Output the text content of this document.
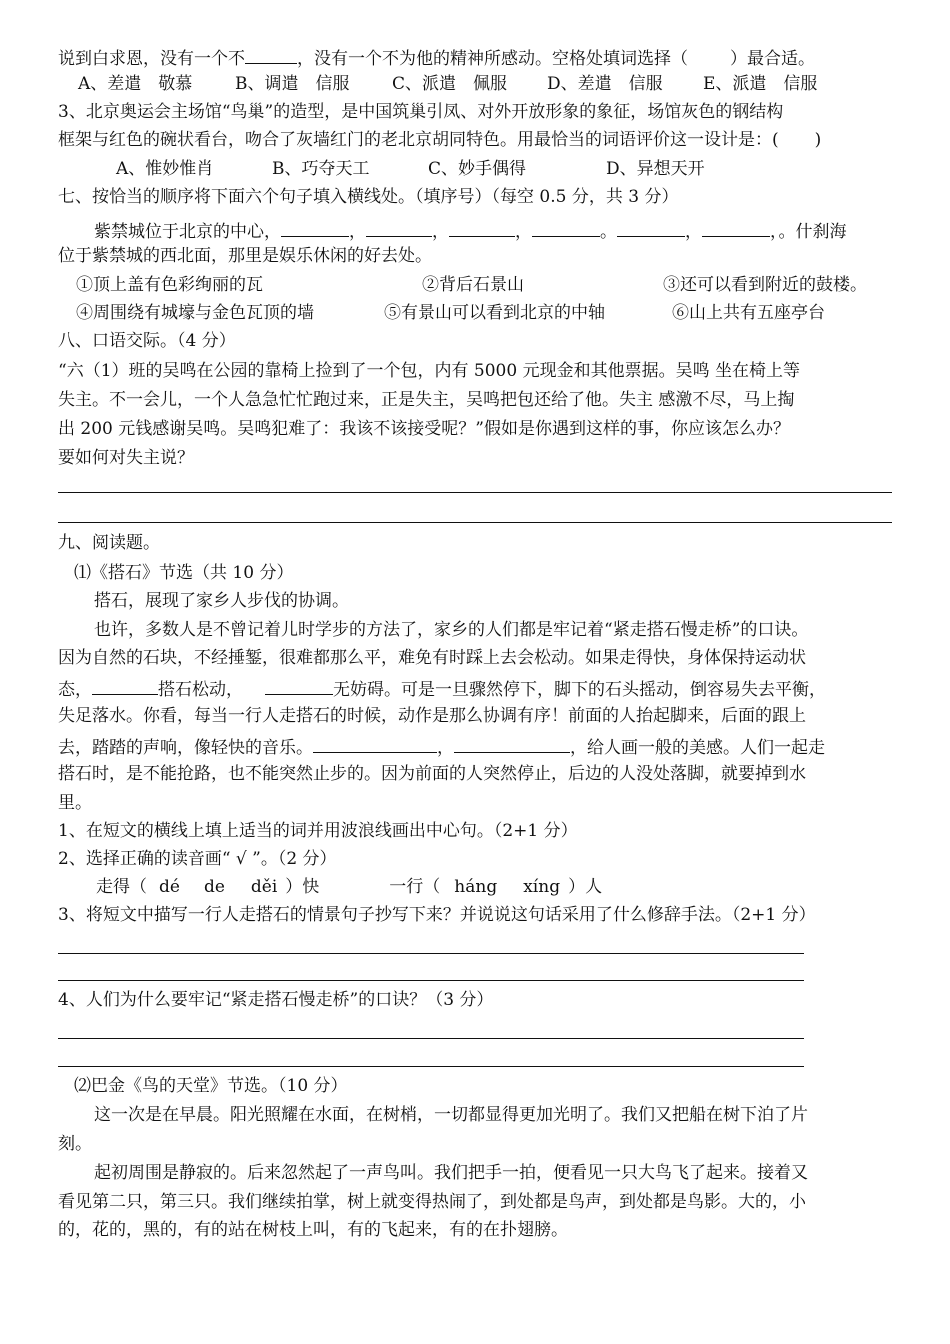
说到白求恩，没有一个不	，没有一个不为他的精神所感动。空格处填词选择（ ）最合适。
A、差遣　敬慕	B、调遣　信服	C、派遣　佩服 D、差遣　信服 E、派遣　信服
3、北京奥运会主场馆“鸟巢”的造型，是中国筑巢引凤、对外开放形象的象征，场馆灰色的钢结构
框架与红色的碗状看台，吻合了灰墙红门的老北京胡同特色。用最恰当的词语评价这一设计是：( )
A、惟妙惟肖	B、巧夺天工	C、妙手偶得	D、异想天开
七、按恰当的顺序将下面六个句子填入横线处。（填序号）（每空 0.5 分，共 3 分）
紫禁城位于北京的中心，	，	，	，	。	，	，。什刹海
位于紫禁城的西北面，那里是娱乐休闲的好去处。
①顶上盖有色彩绚丽的瓦	②背后石景山	③还可以看到附近的鼓楼。
④周围绕有城壕与金色瓦顶的墙	⑤有景山可以看到北京的中轴	⑥山上共有五座亭台
八、口语交际。（4 分）
“六（1）班的吴鸣在公园的靠椅上捡到了一个包，内有 5000 元现金和其他票据。吴鸣 坐在椅上等
失主。不一会儿，一个人急急忙忙跑过来，正是失主，吴鸣把包还给了他。失主 感激不尽，马上掏
出 200 元钱感谢吴鸣。吴鸣犯难了：我该不该接受呢？”假如是你遇到这样的事，你应该怎么办？
要如何对失主说？
九、阅读题。
⑴《搭石》节选（共 10 分）
搭石，展现了家乡人步伐的协调。
也许，多数人是不曾记着儿时学步的方法了，家乡的人们都是牢记着“紧走搭石慢走桥”的口诀。
因为自然的石块，不经捶錾，很难都那么平，难免有时踩上去会松动。如果走得快，身体保持运动状
态，	搭石松动，	无妨碍。可是一旦骤然停下，脚下的石头摇动，倒容易失去平衡，
失足落水。你看，每当一行人走搭石的时候，动作是那么协调有序！前面的人抬起脚来，后面的跟上
去，踏踏的声响，像轻快的音乐。	，	，给人画一般的美感。人们一起走
搭石时，是不能抢路，也不能突然止步的。因为前面的人突然停止，后边的人没处落脚，就要掉到水
里。
1、在短文的横线上填上适当的词并用波浪线画出中心句。（2+1 分）
2、选择正确的读音画“ √ ”。（2 分）
走得（ dé de děi ）快	一行（ háng xíng ）人
3、将短文中描写一行人走搭石的情景句子抄写下来？并说说这句话采用了什么修辞手法。（2+1 分）
4、人们为什么要牢记“紧走搭石慢走桥”的口诀？（3 分）
⑵巴金《鸟的天堂》节选。（10 分）
这一次是在早晨。阳光照耀在水面，在树梢，一切都显得更加光明了。我们又把船在树下泊了片
刻。
起初周围是静寂的。后来忽然起了一声鸟叫。我们把手一拍，便看见一只大鸟飞了起来。接着又
看见第二只，第三只。我们继续拍掌，树上就变得热闹了，到处都是鸟声，到处都是鸟影。大的，小
的，花的，黑的，有的站在树枝上叫，有的飞起来，有的在扑翅膀。
